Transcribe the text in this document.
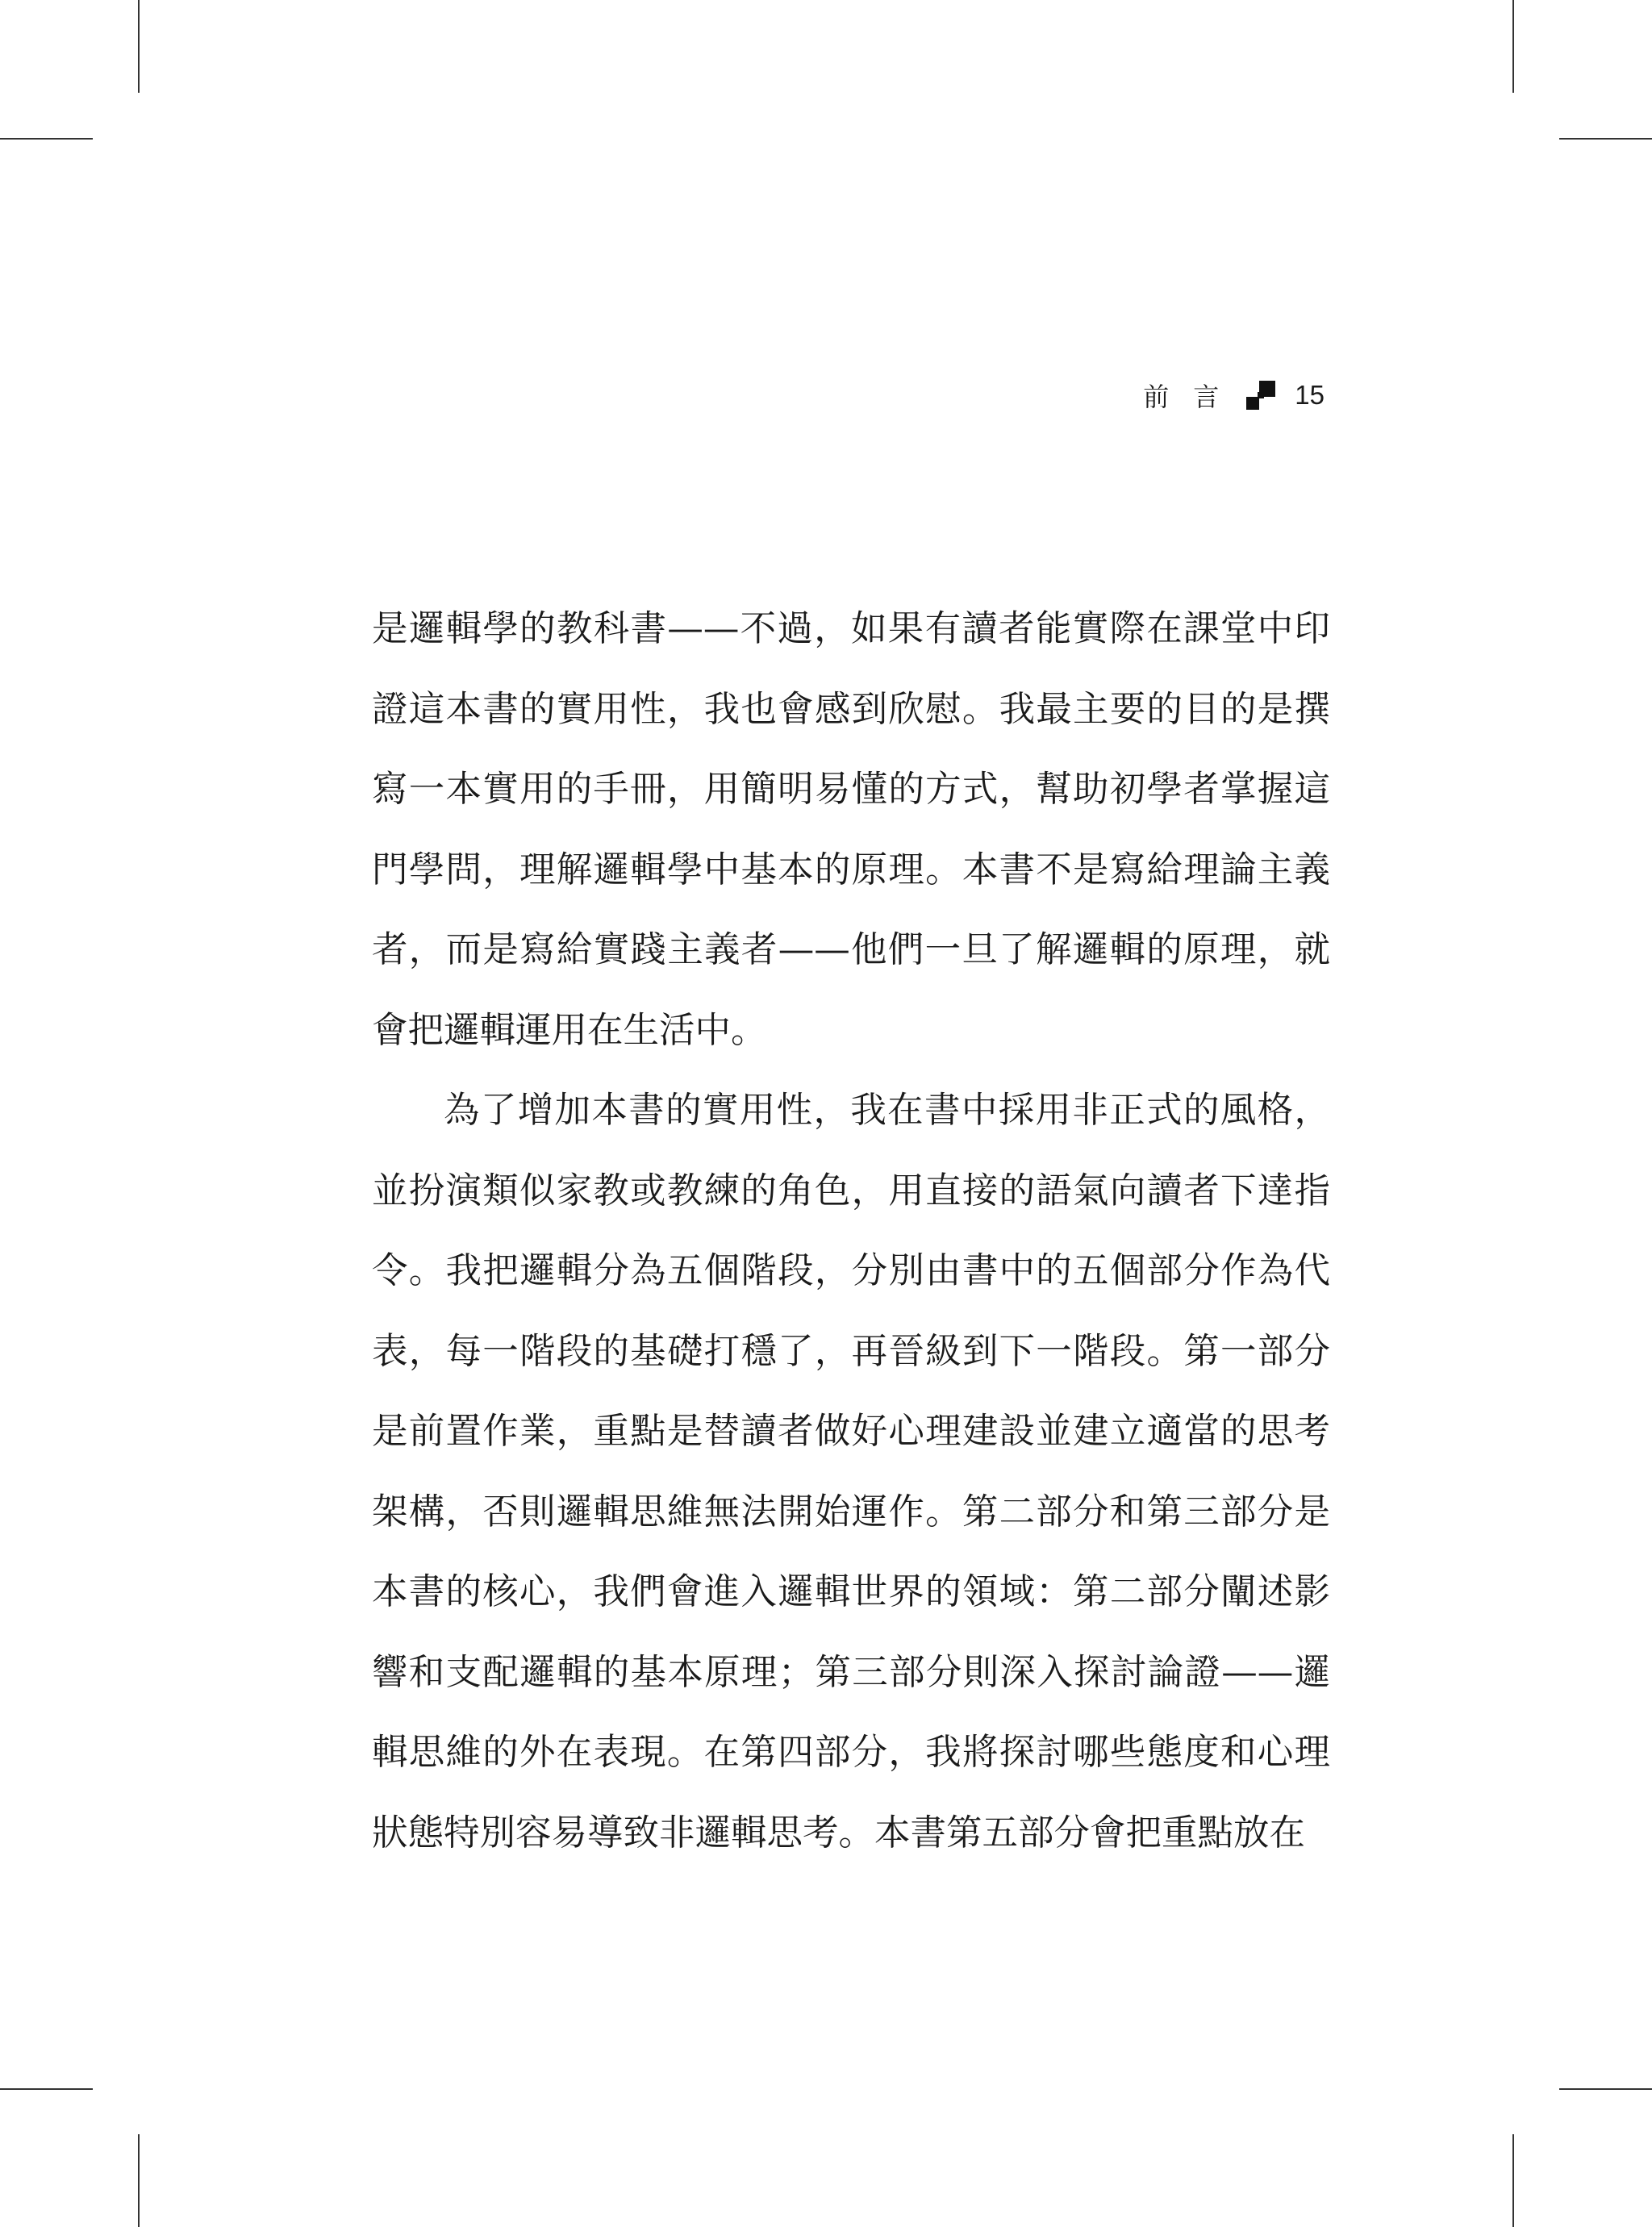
前言 15

是邏輯學的教科書——不過，如果有讀者能實際在課堂中印證這本書的實用性，我也會感到欣慰。我最主要的目的是撰寫一本實用的手冊，用簡明易懂的方式，幫助初學者掌握這門學問，理解邏輯學中基本的原理。本書不是寫給理論主義者，而是寫給實踐主義者——他們一旦了解邏輯的原理，就會把邏輯運用在生活中。

為了增加本書的實用性，我在書中採用非正式的風格，並扮演類似家教或教練的角色，用直接的語氣向讀者下達指令。我把邏輯分為五個階段，分別由書中的五個部分作為代表，每一階段的基礎打穩了，再晉級到下一階段。第一部分是前置作業，重點是替讀者做好心理建設並建立適當的思考架構，否則邏輯思維無法開始運作。第二部分和第三部分是本書的核心，我們會進入邏輯世界的領域：第二部分闡述影響和支配邏輯的基本原理；第三部分則深入探討論證——邏輯思維的外在表現。在第四部分，我將探討哪些態度和心理狀態特別容易導致非邏輯思考。本書第五部分會把重點放在
